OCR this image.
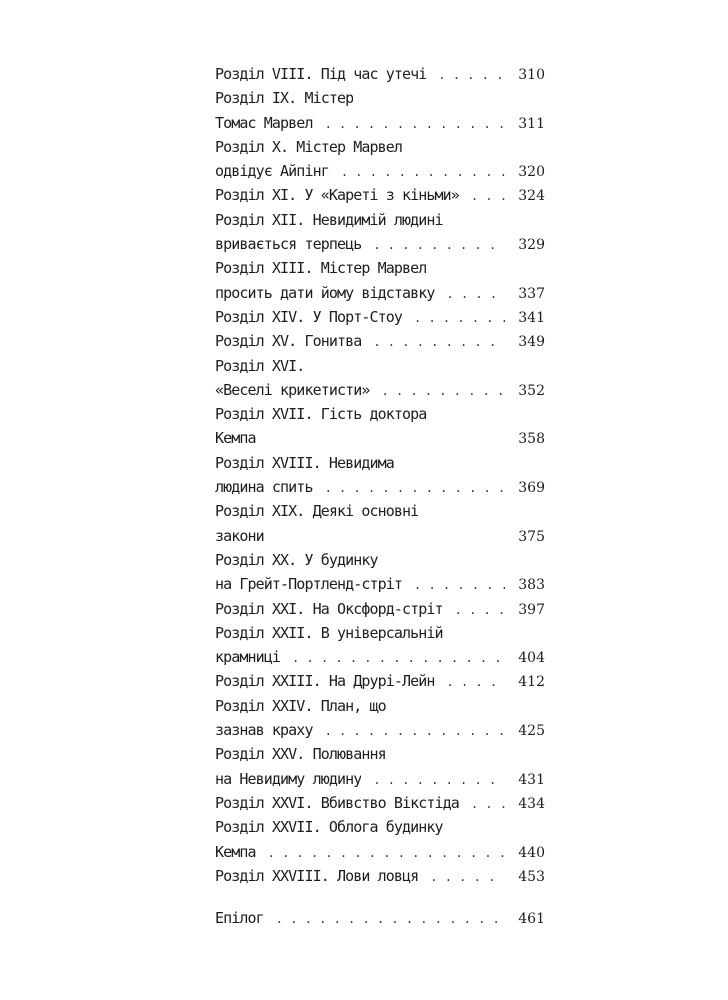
Розділ VIII. Під час утечі . . .	310
Розділ IX. Містер
Томас Марвел . . .	311
Розділ X. Містер Марвел
одвідує Айпінг . . .	320
Розділ XI. У «Кареті з кіньми» . . .	324
Розділ XII. Невидимій людині
вривається терпець . . .	329
Розділ XIII. Містер Марвел
просить дати йому відставку . . .	337
Розділ XIV. У Порт-Стоу . . .	341
Розділ XV. Гонитва . . .	349
Розділ XVI.
«Веселі крикетисти» . . .	352
Розділ XVII. Гість доктора
Кемпа	358
Розділ XVIII. Невидима
людина спить . . .	369
Розділ XIX. Деякі основні
закони	375
Розділ XX. У будинку
на Грейт-Портленд-стріт . . .	383
Розділ XXI. На Оксфорд-стріт . . .	397
Розділ XXII. В універсальній
крамниці . . .	404
Розділ XXIII. На Друрі-Лейн . . .	412
Розділ XXIV. План, що
зазнав краху . . .	425
Розділ XXV. Полювання
на Невидиму людину . . .	431
Розділ XXVI. Вбивство Вікстіда . . .	434
Розділ XXVII. Облога будинку
Кемпа . . .	440
Розділ XXVIII. Лови ловця . . .	453
Епілог . . .	461
